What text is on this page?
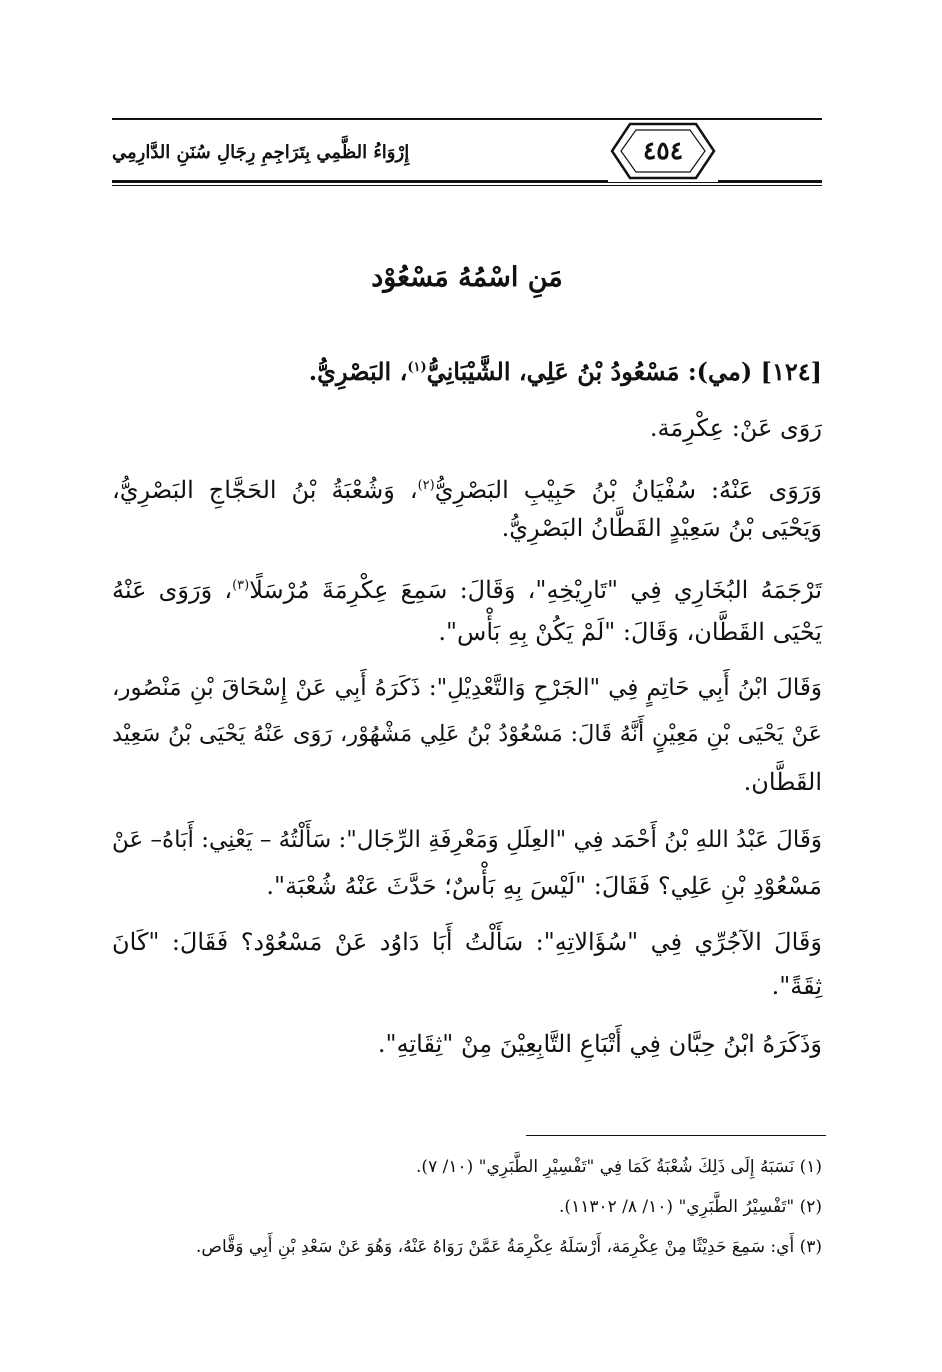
إِرْوَاءُ الظَّمِي بِتَرَاجِمِ رِجَالِ سُنَنِ الدَّارِمِي	٤٥٤
مَنِ اسْمُهُ مَسْعُوْد
[١٢٤] (مي): مَسْعُودُ بْنُ عَلِي، الشَّيْبَانِيُّ$^{(١)}$، البَصْرِيُّ.
رَوَى عَنْ: عِكْرِمَة.
وَرَوَى عَنْهُ: سُفْيَانُ بْنُ حَبِيْبِ البَصْرِيُّ$^{(٢)}$، وَشُعْبَةُ بْنُ الحَجَّاجِ البَصْرِيُّ،
وَيَحْيَى بْنُ سَعِيْدٍ القَطَّانُ البَصْرِيُّ.
تَرْجَمَهُ البُخَارِي فِي "تَارِيْخِهِ"، وَقَالَ: سَمِعَ عِكْرِمَةَ مُرْسَلًا$^{(٣)}$، وَرَوَى عَنْهُ
يَحْيَى القَطَّان، وَقَالَ: "لَمْ يَكُنْ بِهِ بَأْس".
وَقَالَ ابْنُ أَبِي حَاتِمٍ فِي "الجَرْحِ وَالتَّعْدِيْلِ": ذَكَرَهُ أَبِي عَنْ إِسْحَاقَ بْنِ مَنْصُور،
عَنْ يَحْيَى بْنِ مَعِيْنٍ أَنَّهُ قَالَ: مَسْعُوْدُ بْنُ عَلِي مَشْهُوْر، رَوَى عَنْهُ يَحْيَى بْنُ سَعِيْد
القَطَّان.
وَقَالَ عَبْدُ اللهِ بْنُ أَحْمَد فِي "العِلَلِ وَمَعْرِفَةِ الرِّجَال": سَأَلْتُهُ – يَعْنِي: أَبَاهُ– عَنْ
مَسْعُوْدِ بْنِ عَلِي؟ فَقَالَ: "لَيْسَ بِهِ بَأْسٌ؛ حَدَّثَ عَنْهُ شُعْبَة".
وَقَالَ الآجُرِّي فِي "سُؤَالاتِهِ": سَأَلْتُ أَبَا دَاوُد عَنْ مَسْعُوْد؟ فَقَالَ: "كَانَ
ثِقَةً".
وَذَكَرَهُ ابْنُ حِبَّان فِي أَتْبَاعِ التَّابِعِيْنَ مِنْ "ثِقَاتِهِ".
(١) نَسَبَهُ إِلَى ذَلِكَ شُعْبَةُ كَمَا فِي "تَفْسِيْرِ الطَّبَرِي" (١٠/ ٧).
(٢) "تَفْسِيْرُ الطَّبَرِي" (١٠/ ٨/ ١١٣٠٢).
(٣) أَي: سَمِعَ حَدِيْثًا مِنْ عِكْرِمَة، أَرْسَلَهُ عِكْرِمَةُ عَمَّنْ رَوَاهُ عَنْهُ، وَهُوَ عَنْ سَعْدِ بْنِ أَبِي وَقَّاص.
